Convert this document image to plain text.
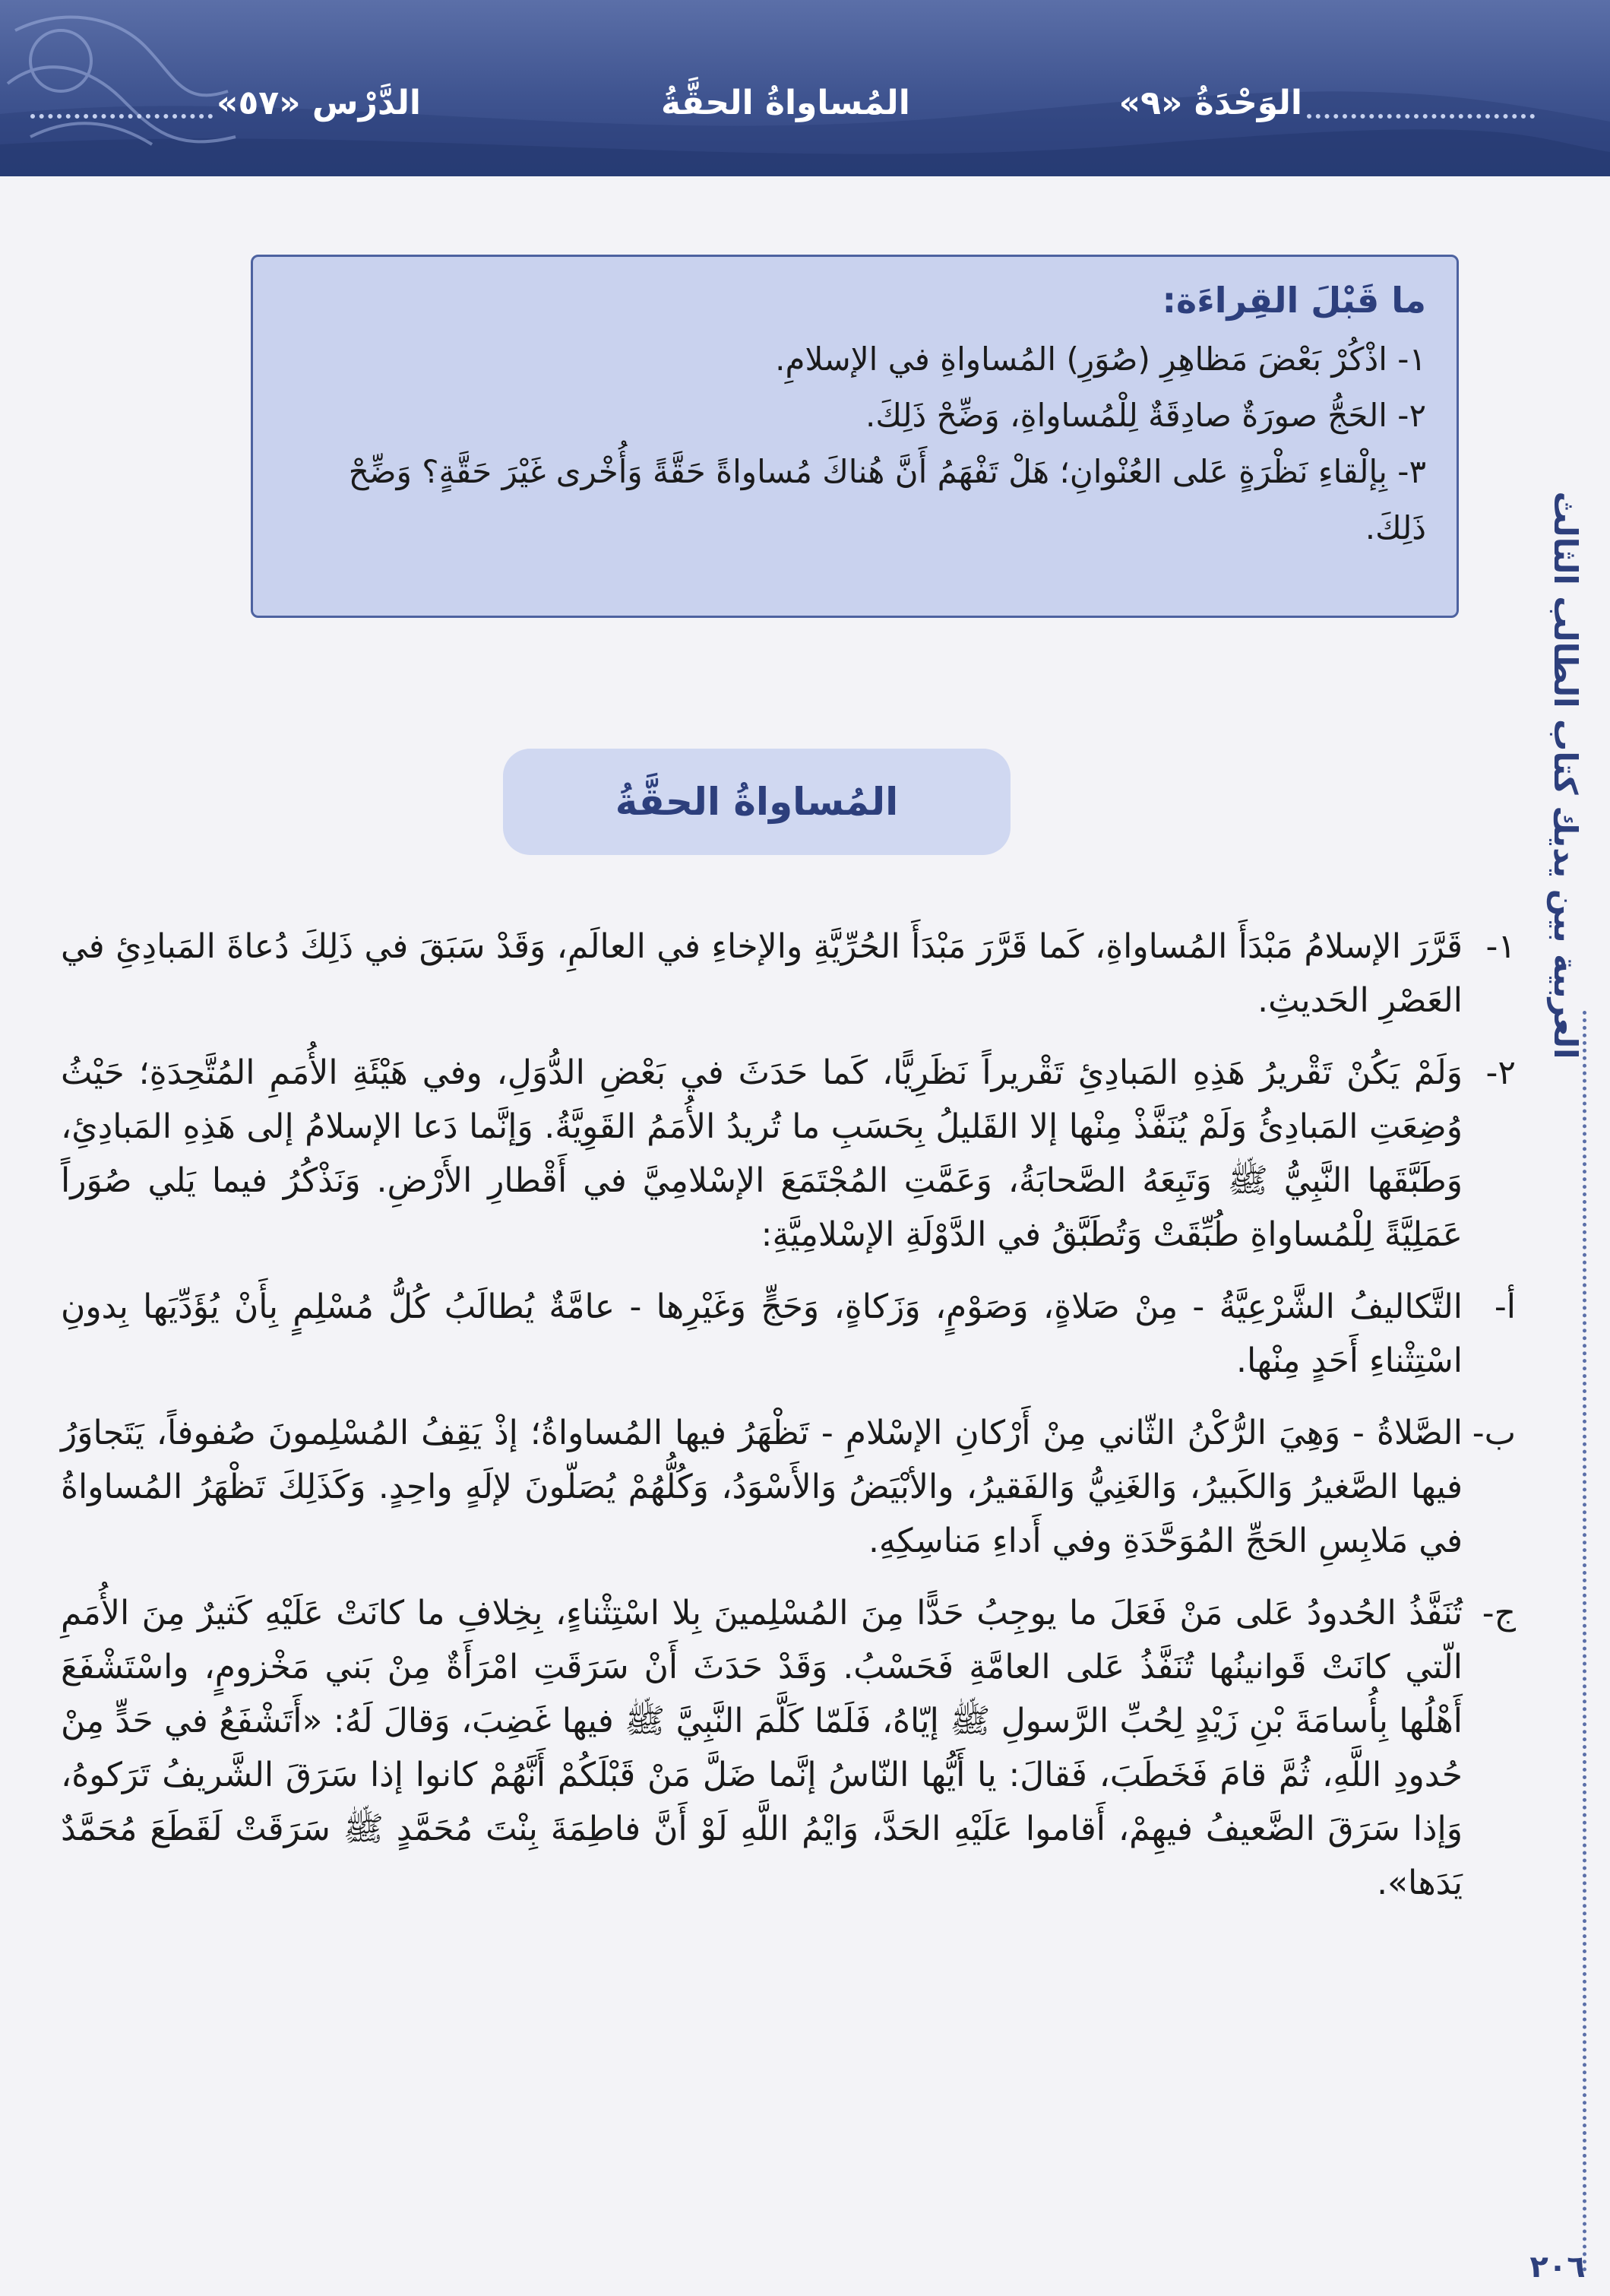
الوَحْدَةُ «٩»
المُساواةُ الحقَّةُ
الدَّرْس «٥٧»
العربية بين يديك كتاب الطالب الثالث

ما قَبْلَ القِراءَة:

١- اذْكُرْ بَعْضَ مَظاهِرِ (صُوَرِ) المُساواةِ في الإسلامِ.

٢- الحَجُّ صورَةٌ صادِقَةٌ لِلْمُساواةِ، وَضِّحْ ذَلِكَ.

٣- بِإلْقاءِ نَظْرَةٍ عَلى العُنْوانِ؛ هَلْ تَفْهَمُ أَنَّ هُناكَ مُساواةً حَقَّةً وَأُخْرى غَيْرَ حَقَّةٍ؟ وَضِّحْ ذَلِكَ.

المُساواةُ الحقَّةُ

١-
قَرَّرَ الإسلامُ مَبْدَأَ المُساواةِ، كَما قَرَّرَ مَبْدَأَ الحُرِّيَّةِ والإخاءِ في العالَمِ، وَقَدْ سَبَقَ في ذَلِكَ دُعاةَ المَبادِئِ في العَصْرِ الحَديثِ.

٢-
وَلَمْ يَكُنْ تَقْريرُ هَذِهِ المَبادِئِ تَقْريراً نَظَرِيًّا، كَما حَدَثَ في بَعْضِ الدُّوَلِ، وفي هَيْئَةِ الأُمَمِ المُتَّحِدَةِ؛ حَيْثُ وُضِعَتِ المَبادِئُ وَلَمْ يُنَفَّذْ مِنْها إلا القَليلُ بِحَسَبِ ما تُريدُ الأُمَمُ القَوِيَّةُ. وَإنَّما دَعا الإسلامُ إلى هَذِهِ المَبادِئِ، وَطَبَّقَها النَّبِيُّ ﷺ وَتَبِعَهُ الصَّحابَةُ، وَعَمَّتِ المُجْتَمَعَ الإسْلامِيَّ في أَقْطارِ الأَرْضِ. وَنَذْكُرُ فيما يَلي صُوَراً عَمَلِيَّةً لِلْمُساواةِ طُبِّقَتْ وَتُطَبَّقُ في الدَّوْلَةِ الإسْلامِيَّةِ:

أ-
التَّكاليفُ الشَّرْعِيَّةُ - مِنْ صَلاةٍ، وَصَوْمٍ، وَزَكاةٍ، وَحَجٍّ وَغَيْرِها - عامَّةٌ يُطالَبُ كُلُّ مُسْلِمٍ بِأَنْ يُؤَدِّيَها بِدونِ اسْتِثْناءِ أَحَدٍ مِنْها.

ب-
الصَّلاةُ - وَهِيَ الرُّكْنُ الثّاني مِنْ أَرْكانِ الإسْلامِ - تَظْهَرُ فيها المُساواةُ؛ إذْ يَقِفُ المُسْلِمونَ صُفوفاً، يَتَجاوَرُ فيها الصَّغيرُ وَالكَبيرُ، وَالغَنِيُّ وَالفَقيرُ، والأبْيَضُ وَالأَسْوَدُ، وَكُلُّهُمْ يُصَلّونَ لإلَهٍ واحِدٍ. وَكَذَلِكَ تَظْهَرُ المُساواةُ في مَلابِسِ الحَجِّ المُوَحَّدَةِ وفي أَداءِ مَناسِكِهِ.

ج-
تُنَفَّذُ الحُدودُ عَلى مَنْ فَعَلَ ما يوجِبُ حَدًّا مِنَ المُسْلِمينَ بِلا اسْتِثْناءٍ، بِخِلافِ ما كانَتْ عَلَيْهِ كَثيرٌ مِنَ الأُمَمِ الّتي كانَتْ قَوانينُها تُنَفَّذُ عَلى العامَّةِ فَحَسْبُ. وَقَدْ حَدَثَ أَنْ سَرَقَتِ امْرَأَةٌ مِنْ بَني مَخْزومٍ، واسْتَشْفَعَ أَهْلُها بِأُسامَةَ بْنِ زَيْدٍ لِحُبِّ الرَّسولِ ﷺ إيّاهُ، فَلَمّا كَلَّمَ النَّبِيَّ ﷺ فيها غَضِبَ، وَقالَ لَهُ: «أَتَشْفَعُ في حَدٍّ مِنْ حُدودِ اللَّهِ، ثُمَّ قامَ فَخَطَبَ، فَقالَ: يا أَيُّها النّاسُ إنَّما ضَلَّ مَنْ قَبْلَكُمْ أَنَّهُمْ كانوا إذا سَرَقَ الشَّريفُ تَرَكوهُ، وَإذا سَرَقَ الضَّعيفُ فيهِمْ، أَقاموا عَلَيْهِ الحَدَّ، وَايْمُ اللَّهِ لَوْ أَنَّ فاطِمَةَ بِنْتَ مُحَمَّدٍ ﷺ سَرَقَتْ لَقَطَعَ مُحَمَّدٌ يَدَها».

٢٠٦
